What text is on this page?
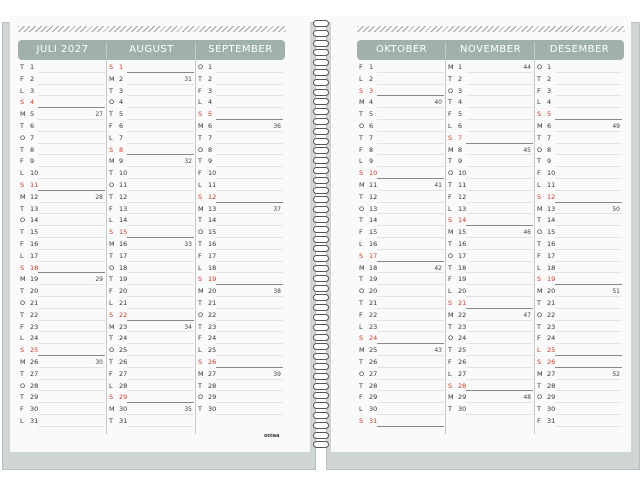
oniaa
JULI 2027
T 1
F 2
L 3
S 4
M 5	27
T 6
O 7
T 8
F 9
L 10
S 11
M 12	28
T 13
O 14
T 15
F 16
L 17
S 18
M 19	29
T 20
O 21
T 22
F 23
L 24
S 25
M 26	30
T 27
O 28
T 29
F 30
L 31
AUGUST
S 1
M 2	31
T 3
O 4
T 5
F 6
L 7
S 8
M 9	32
T 10
O 11
T 12
F 13
L 14
S 15
M 16	33
T 17
O 18
T 19
F 20
L 21
S 22
M 23	34
T 24
O 25
T 26
F 27
L 28
S 29
M 30	35
T 31
SEPTEMBER
O 1
T 2
F 3
L 4
S 5
M 6	36
T 7
O 8
T 9
F 10
L 11
S 12
M 13	37
T 14
O 15
T 16
F 17
L 18
S 19
M 20	38
T 21
O 22
T 23
F 24
L 25
S 26
M 27	39
T 28
O 29
T 30
OKTOBER
F 1
L 2
S 3
M 4	40
T 5
O 6
T 7
F 8
L 9
S 10
M 11	41
T 12
O 13
T 14
F 15
L 16
S 17
M 18	42
T 19
O 20
T 21
F 22
L 23
S 24
M 25	43
T 26
O 27
T 28
F 29
L 30
S 31
NOVEMBER
M 1	44
T 2
O 3
T 4
F 5
L 6
S 7
M 8	45
T 9
O 10
T 11
F 12
L 13
S 14
M 15	46
T 16
O 17
T 18
F 19
L 20
S 21
M 22	47
T 23
O 24
T 25
F 26
L 27
S 28
M 29	48
T 30
DESEMBER
O 1
T 2
F 3
L 4
S 5
M 6	49
T 7
O 8
T 9
F 10
L 11
S 12
M 13	50
T 14
O 15
T 16
F 17
L 18
S 19
M 20	51
T 21
O 22
T 23
F 24
L 25
S 26
M 27	52
T 28
O 29
T 30
F 31
